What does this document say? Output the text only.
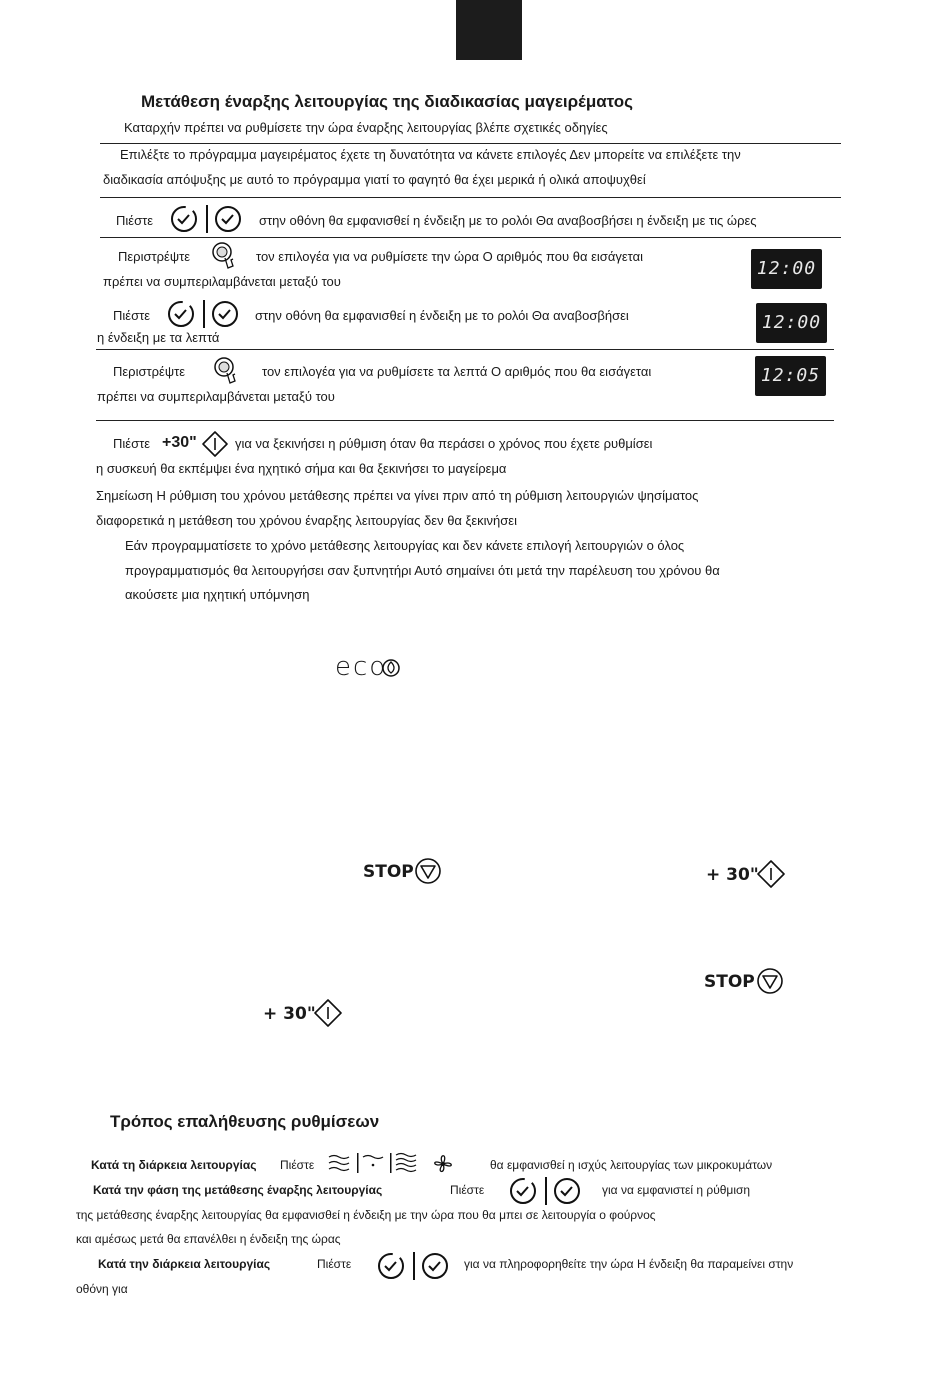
Μετάθεση έναρξης λειτουργίας της διαδικασίας μαγειρέματος
Καταρχήν πρέπει να ρυθμίσετε την ώρα έναρξης λειτουργίας βλέπε σχετικές οδηγίες
Επιλέξτε το πρόγραμμα μαγειρέματος έχετε τη δυνατότητα να κάνετε επιλογές Δεν μπορείτε να επιλέξετε την
διαδικασία απόψυξης με αυτό το πρόγραμμα γιατί το φαγητό θα έχει μερικά ή ολικά αποψυχθεί
Πιέστε	στην οθόνη θα εμφανισθεί η ένδειξη με το ρολόι Θα αναβοσβήσει η ένδειξη με τις ώρες
Περιστρέψτε	τον επιλογέα για να ρυθμίσετε την ώρα Ο αριθμός που θα εισάγεται
πρέπει να συμπεριλαμβάνεται μεταξύ του
12:00
Πιέστε	στην οθόνη θα εμφανισθεί η ένδειξη με το ρολόι Θα αναβοσβήσει
η ένδειξη με τα λεπτά
12:00
Περιστρέψτε	τον επιλογέα για να ρυθμίσετε τα λεπτά Ο αριθμός που θα εισάγεται
πρέπει να συμπεριλαμβάνεται μεταξύ του
12:05
Πιέστε +30"	για να ξεκινήσει η ρύθμιση όταν θα περάσει ο χρόνος που έχετε ρυθμίσει
η συσκευή θα εκπέμψει ένα ηχητικό σήμα και θα ξεκινήσει το μαγείρεμα
Σημείωση Η ρύθμιση του χρόνου μετάθεσης πρέπει να γίνει πριν από τη ρύθμιση λειτουργιών ψησίματος
διαφορετικά η μετάθεση του χρόνου έναρξης λειτουργίας δεν θα ξεκινήσει
Εάν προγραμματίσετε το χρόνο μετάθεσης λειτουργίας και δεν κάνετε επιλογή λειτουργιών ο όλος
προγραμματισμός θα λειτουργήσει σαν ξυπνητήρι Αυτό σημαίνει ότι μετά την παρέλευση του χρόνου θα
ακούσετε μια ηχητική υπόμνηση
eco
STOP	+ 30"
STOP
+ 30"
Τρόπος επαλήθευσης ρυθμίσεων
Κατά τη διάρκεια λειτουργίας Πιέστε	θα εμφανισθεί η ισχύς λειτουργίας των μικροκυμάτων
Κατά την φάση της μετάθεσης έναρξης λειτουργίας	Πιέστε	για να εμφανιστεί η ρύθμιση
της μετάθεσης έναρξης λειτουργίας θα εμφανισθεί η ένδειξη με την ώρα που θα μπει σε λειτουργία ο φούρνος
και αμέσως μετά θα επανέλθει η ένδειξη της ώρας
Κατά την διάρκεια λειτουργίας	Πιέστε	για να πληροφορηθείτε την ώρα Η ένδειξη θα παραμείνει στην
οθόνη για
